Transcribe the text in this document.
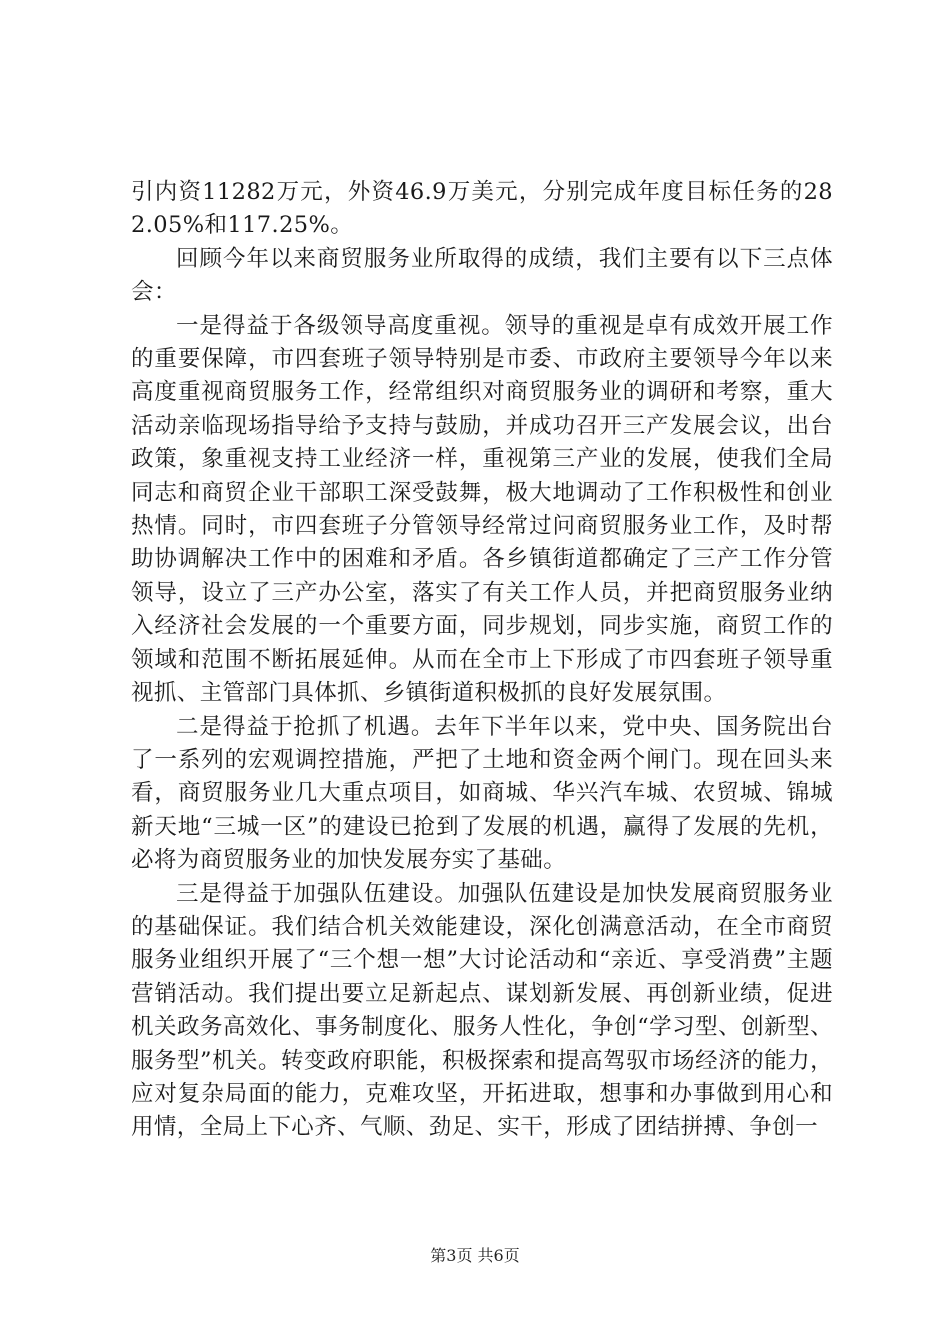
引内资11282万元，外资46.9万美元，分别完成年度目标任务的282.05%和117.25%。

回顾今年以来商贸服务业所取得的成绩，我们主要有以下三点体会：

一是得益于各级领导高度重视。领导的重视是卓有成效开展工作的重要保障，市四套班子领导特别是市委、市政府主要领导今年以来高度重视商贸服务工作，经常组织对商贸服务业的调研和考察，重大活动亲临现场指导给予支持与鼓励，并成功召开三产发展会议，出台政策，象重视支持工业经济一样，重视第三产业的发展，使我们全局同志和商贸企业干部职工深受鼓舞，极大地调动了工作积极性和创业热情。同时，市四套班子分管领导经常过问商贸服务业工作，及时帮助协调解决工作中的困难和矛盾。各乡镇街道都确定了三产工作分管领导，设立了三产办公室，落实了有关工作人员，并把商贸服务业纳入经济社会发展的一个重要方面，同步规划，同步实施，商贸工作的领域和范围不断拓展延伸。从而在全市上下形成了市四套班子领导重视抓、主管部门具体抓、乡镇街道积极抓的良好发展氛围。

二是得益于抢抓了机遇。去年下半年以来，党中央、国务院出台了一系列的宏观调控措施，严把了土地和资金两个闸门。现在回头来看，商贸服务业几大重点项目，如商城、华兴汽车城、农贸城、锦城新天地“三城一区”的建设已抢到了发展的机遇，赢得了发展的先机，必将为商贸服务业的加快发展夯实了基础。

三是得益于加强队伍建设。加强队伍建设是加快发展商贸服务业的基础保证。我们结合机关效能建设，深化创满意活动，在全市商贸服务业组织开展了“三个想一想”大讨论活动和“亲近、享受消费”主题营销活动。我们提出要立足新起点、谋划新发展、再创新业绩，促进机关政务高效化、事务制度化、服务人性化，争创“学习型、创新型、服务型”机关。转变政府职能，积极探索和提高驾驭市场经济的能力，应对复杂局面的能力，克难攻坚，开拓进取，想事和办事做到用心和用情，全局上下心齐、气顺、劲足、实干，形成了团结拼搏、争创一

第3页 共6页
